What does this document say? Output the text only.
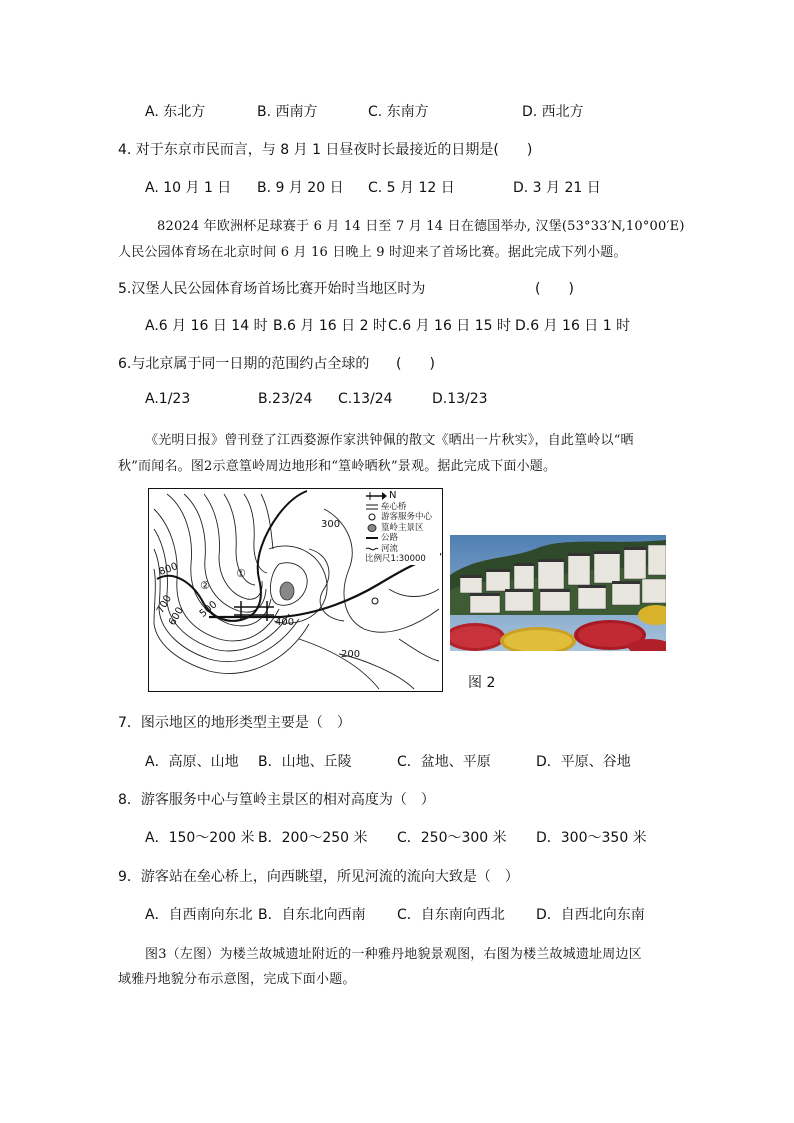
A. 东北方	B. 西南方	C. 东南方	D. 西北方
4. 对于东京市民而言，与 8 月 1 日昼夜时长最接近的日期是(　　)
A. 10 月 1 日 B. 9 月 20 日 C. 5 月 12 日	D. 3 月 21 日
82024 年欧洲杯足球赛于 6 月 14 日至 7 月 14 日在德国举办, 汉堡(53°33′N,10°00′E)
人民公园体育场在北京时间 6 月 16 日晚上 9 时迎来了首场比赛。据此完成下列小题。
5.汉堡人民公园体育场首场比赛开始时当地区时为	(　　)
A.6 月 16 日 14 时 B.6 月 16 日 2 时 C.6 月 16 日 15 时 D.6 月 16 日 1 时
6.与北京属于同一日期的范围约占全球的 (　　)
A.1/23	B.23/24 C.13/24	D.13/23
《光明日报》曾刊登了江西婺源作家洪钟佩的散文《晒出一片秋实》，自此篁岭以“晒
秋”而闻名。图2示意篁岭周边地形和“篁岭晒秋”景观。据此完成下面小题。
300
800
700
600 500
400
200
①
②
N
垒心桥
游客服务中心
篁岭主景区
公路
河流
比例尺1:30000
图 2
7．图示地区的地形类型主要是（　）
A．高原、山地 B．山地、丘陵	C．盆地、平原	D．平原、谷地
8．游客服务中心与篁岭主景区的相对高度为（　）
A．150～200 米 B．200～250 米 C．250～300 米 D．300～350 米
9．游客站在垒心桥上，向西眺望，所见河流的流向大致是（　）
A．自西南向东北 B．自东北向西南 C．自东南向西北 D．自西北向东南
图3（左图）为楼兰故城遗址附近的一种雅丹地貌景观图，右图为楼兰故城遗址周边区
域雅丹地貌分布示意图，完成下面小题。
